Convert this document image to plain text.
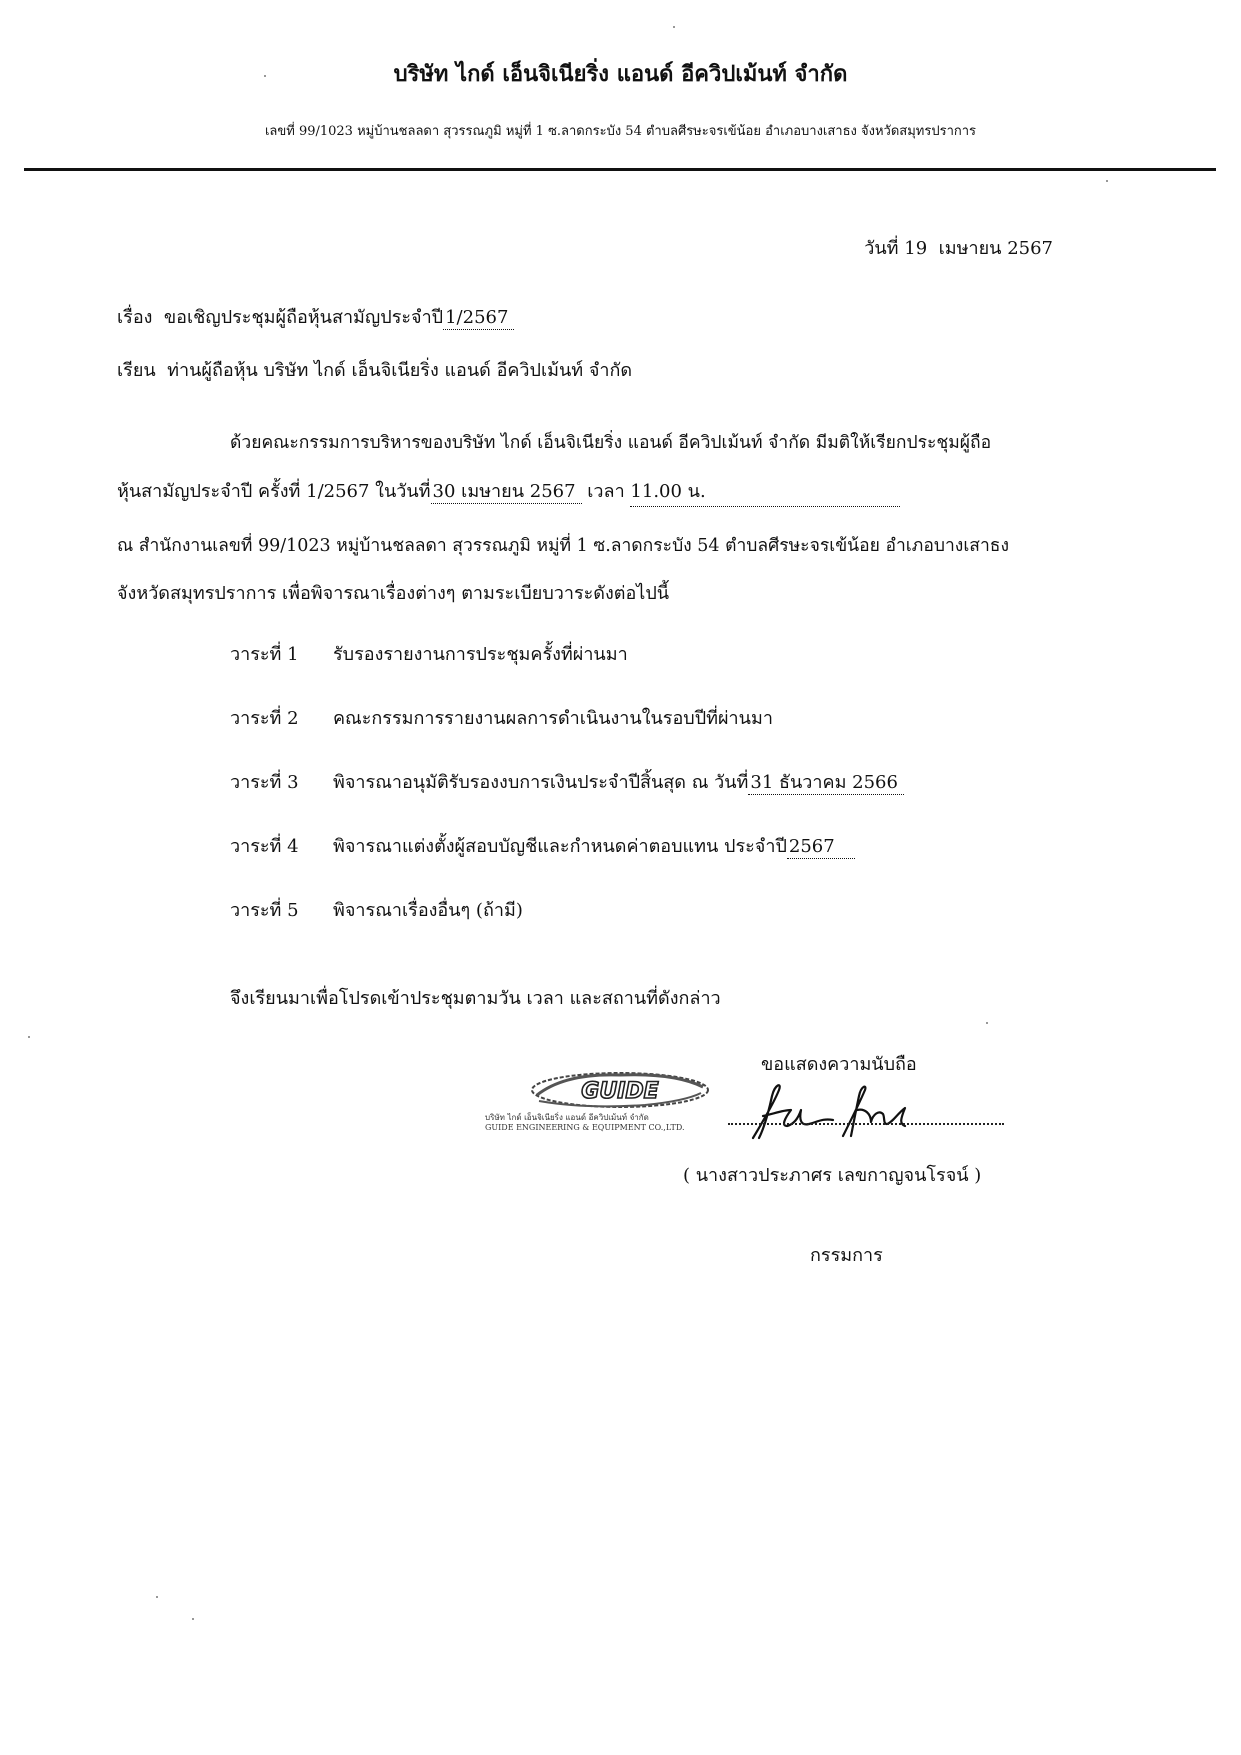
บริษัท ไกด์ เอ็นจิเนียริ่ง แอนด์ อีควิปเม้นท์ จำกัด
เลขที่ 99/1023 หมู่บ้านชลลดา สุวรรณภูมิ หมู่ที่ 1 ซ.ลาดกระบัง 54 ตำบลศีรษะจรเข้น้อย อำเภอบางเสาธง จังหวัดสมุทรปราการ
วันที่ 19 เมษายน 2567
เรื่อง ขอเชิญประชุมผู้ถือหุ้นสามัญประจำปี 1/2567
เรียน ท่านผู้ถือหุ้น บริษัท ไกด์ เอ็นจิเนียริ่ง แอนด์ อีควิปเม้นท์ จำกัด
ด้วยคณะกรรมการบริหารของบริษัท ไกด์ เอ็นจิเนียริ่ง แอนด์ อีควิปเม้นท์ จำกัด มีมติให้เรียกประชุมผู้ถือ
หุ้นสามัญประจำปี ครั้งที่ 1/2567 ในวันที่ 30 เมษายน 2567 เวลา 11.00 น.
ณ สำนักงานเลขที่ 99/1023 หมู่บ้านชลลดา สุวรรณภูมิ หมู่ที่ 1 ซ.ลาดกระบัง 54 ตำบลศีรษะจรเข้น้อย อำเภอบางเสาธง
จังหวัดสมุทรปราการ เพื่อพิจารณาเรื่องต่างๆ ตามระเบียบวาระดังต่อไปนี้
วาระที่ 1 รับรองรายงานการประชุมครั้งที่ผ่านมา
วาระที่ 2 คณะกรรมการรายงานผลการดำเนินงานในรอบปีที่ผ่านมา
วาระที่ 3 พิจารณาอนุมัติรับรองงบการเงินประจำปีสิ้นสุด ณ วันที่ 31 ธันวาคม 2566
วาระที่ 4 พิจารณาแต่งตั้งผู้สอบบัญชีและกำหนดค่าตอบแทน ประจำปี 2567
วาระที่ 5 พิจารณาเรื่องอื่นๆ (ถ้ามี)
จึงเรียนมาเพื่อโปรดเข้าประชุมตามวัน เวลา และสถานที่ดังกล่าว
ขอแสดงความนับถือ
GUIDE
บริษัท ไกด์ เอ็นจิเนียริ่ง แอนด์ อีควิปเม้นท์ จำกัด
GUIDE ENGINEERING & EQUIPMENT CO.,LTD.
( นางสาวประภาศร เลขกาญจนโรจน์ )
กรรมการ
